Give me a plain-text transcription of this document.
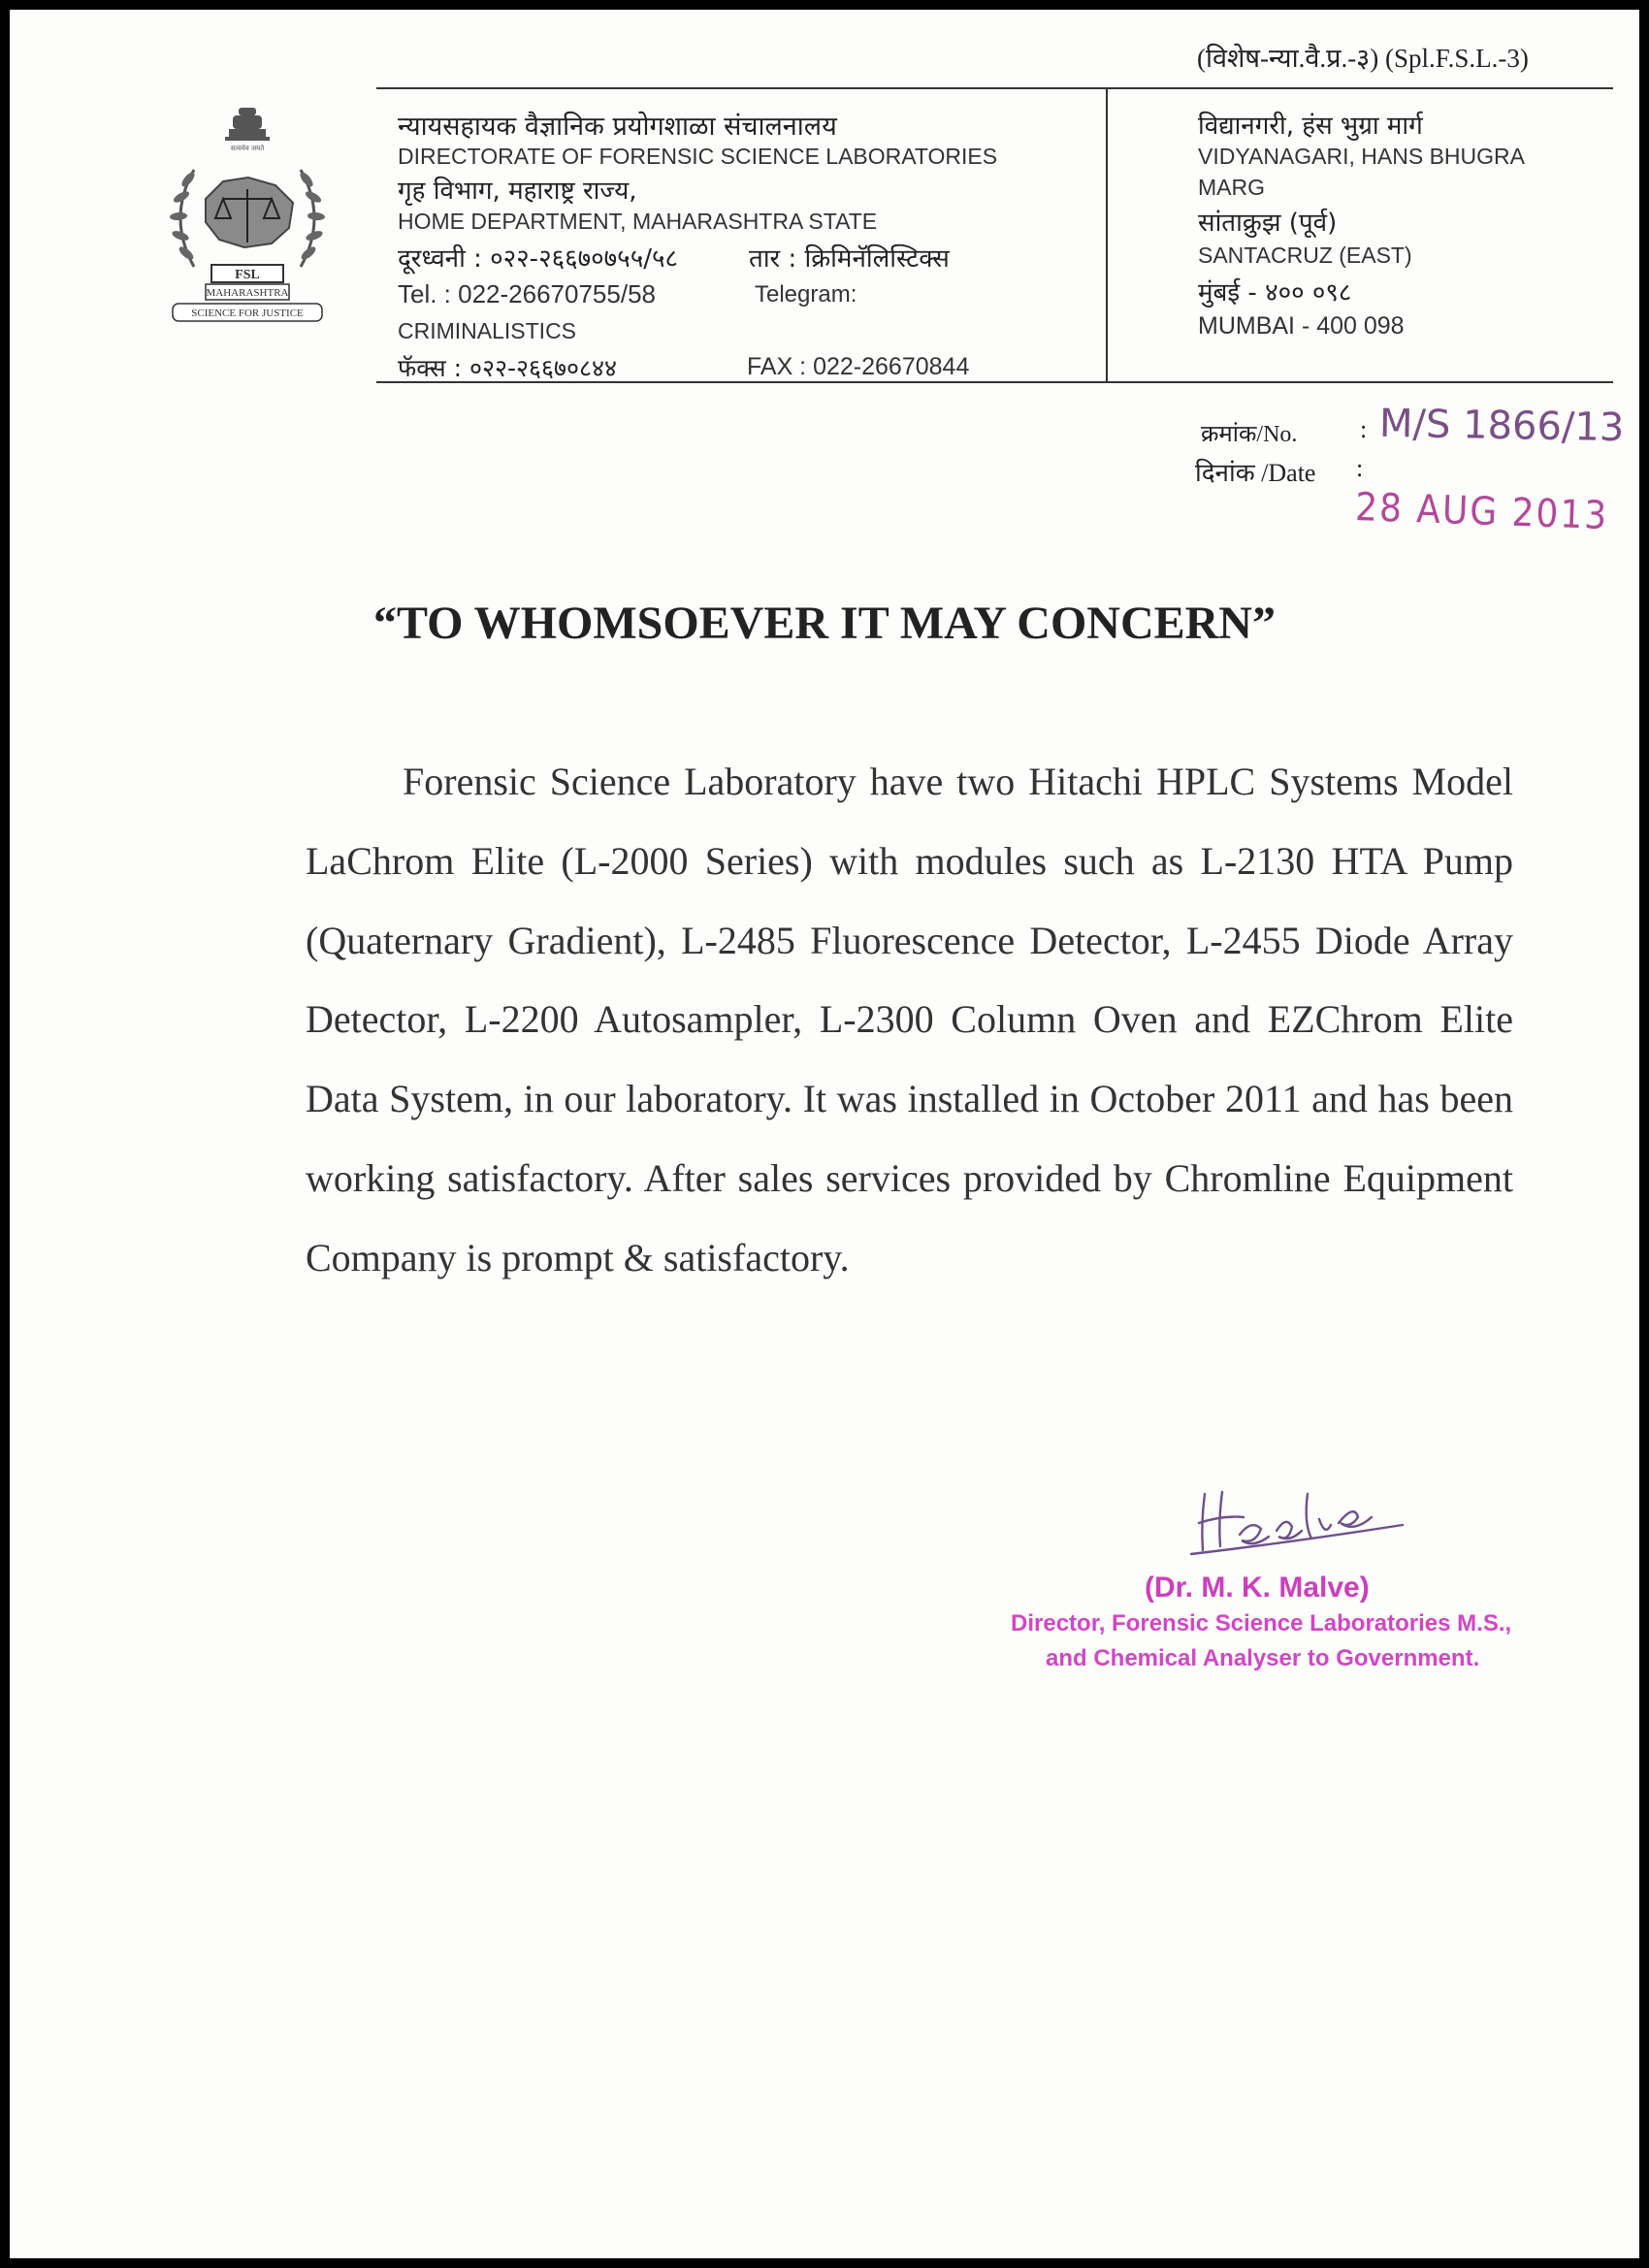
(विशेष-न्या.वै.प्र.-३) (Spl.F.S.L.-3)
सत्यमेव जयते
FSL
MAHARASHTRA
SCIENCE FOR JUSTICE
न्यायसहायक वैज्ञानिक प्रयोगशाळा संचालनालय
DIRECTORATE OF FORENSIC SCIENCE LABORATORIES
गृह विभाग, महाराष्ट्र राज्य,
HOME DEPARTMENT, MAHARASHTRA STATE
दूरध्वनी : ०२२-२६६७०७५५/५८	तार : क्रिमिनॅलिस्टिक्स
Tel. : 022-26670755/58	Telegram:
CRIMINALISTICS
फॅक्स : ०२२-२६६७०८४४	FAX : 022-26670844
विद्यानगरी, हंस भुग्रा मार्ग
VIDYANAGARI, HANS BHUGRA
MARG
सांताक्रुझ (पूर्व)
SANTACRUZ (EAST)
मुंबई - ४०० ०९८
MUMBAI - 400 098
क्रमांक/No. : M/S 1866/13
दिनांक /Date :
28 AUG 2013
“TO WHOMSOEVER IT MAY CONCERN”
Forensic Science Laboratory have two Hitachi HPLC Systems Model LaChrom Elite (L-2000 Series) with modules such as L-2130 HTA Pump (Quaternary Gradient), L-2485 Fluorescence Detector, L-2455 Diode Array Detector, L-2200 Autosampler, L-2300 Column Oven and EZChrom Elite Data System, in our laboratory. It was installed in October 2011 and has been working satisfactory. After sales services provided by Chromline Equipment Company is prompt & satisfactory.
(Dr. M. K. Malve)
Director, Forensic Science Laboratories M.S.,
and Chemical Analyser to Government.
